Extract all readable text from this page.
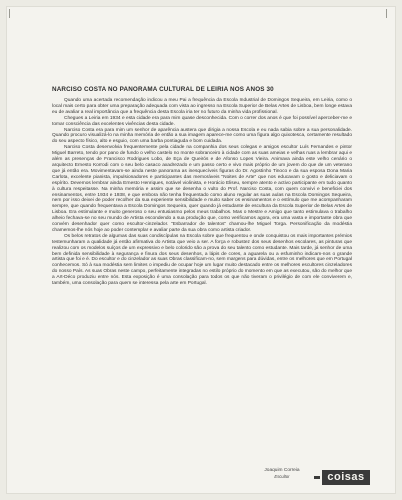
NARCISO COSTA NO PANORAMA CULTURAL DE LEIRIA NOS ANOS 30

Quando uma acertada recomendação indicou a meu Pai a frequência da Escola Industrial de Domingos Sequeira, em Leiria, como o local mais certo para obter uma preparação adequada com vista ao ingresso na Escola Superior de Belas Artes de Lisboa, bem longe estava eu de avaliar a real importância que a frequência desta Escola iria ter no futuro da minha vida profissional.

Chegues a Leiria em 1934 e esta cidade era para mim quase desconhecida. Com o correr dos anos é que foi possível aperceber-me e tomar consciência das excelentes vivências desta cidade.

Narciso Costa era para mim um senhor de aparência austera que dirigia a nossa Escola e eu nada sabia sobre a sua personalidade. Quando procuro visualizá-lo na minha memória de então a sua imagem aparece-me como uma figura algo quixotesca, certamente resultado do seu aspecto físico, alto e esguio, com uma barba pontiaguda e bom cuidada.

Narciso Costa desenvolvia frequentemente pela cidade na companhia dos seus colegas e amigos escultor Luís Fernandes e pintor Miguel Barreto, tendo por pano de fundo o velho castelo no monte sobranceiro à cidade com as suas ameias e velhas ruas a lembrar aqui e além as presenças de Francisco Rodrigues Lobo, de Eça de Queirós e de Afonso Lopes Vieira. Animava ainda este velho cenário o arquitecto Ernesto Korrodi com o seu belo casaco axadrezado e um passo certo e vivo mais próprio de um jovem do que de um veterano que já então era. Movimentavam-se ainda neste panorama as inesquecíveis figuras do Dr. Agostinho Tinoco e da sua esposa Dona Maria Carlota, excelente pianista, impulsionadores e participantes das memoráveis "Noites de Arte" que nos educavam o gosto e deliciavam o espírito. Devemos lembrar ainda Ernesto Henriques, notável violinista, e Horácio Eliseu, sempre atento e activo participante em tudo quanto à cultura respeitasse. Na minha memória e assim que se desenha o vulto do Prof. Narciso Costa, com quem convivi e beneficiei dos ensinamentos, entre 1934 e 1938, e que embora não tenha frequentado como aluno regular as suas aulas na Escola Domingos Sequeira, nem por isso deixei de poder recolher da sua experiente sensibilidade e muito saber os ensinamentos e o estímulo que me acompanharam sempre, que quando frequentava a Escola Domingos Sequeira, quer quando já estudante de escultura da Escola Superior de Belas Artes de Lisboa. Era estimulante e muito generoso o seu entusiasmo pelos meus trabalhos. Mas o Mestre e Amigo que tanto estimulava o trabalho alheio fechava-se no seu mundo de Artista escondendo a sua produção que, como verificamos agora, era uma vasta e importante obra que convém desenhador quer como escultor-cinzelador. "Esbarrador de talentos" chamou-lhe Miguel Torga. Personificação da modéstia chamemos-lhe nós hoje ao poder contemplar e avaliar parte da sua obra como artista criador.

Os belos retratos de algumas das suas condiscípulas na Escola sobre que frequentou e onde conquistou os mais importantes prémios testemunharam a qualidade já então afirmativa do Artista que veio a ser. A força e robustez dos seus desenhos escolares, as pinturas que realizou com os modelos suíços de um expressivo e belo colorido são a prova do seu talento como estudante. Mais tarde, já senhor de uma bem definida sensibilidade à segurança e finura dos seus desenhos, a lápis de cores, a aguarela ou a esfuminho indicam-nos o grande artista que foi e é. Do escultor e do cinzelador as suas Obras classificam-no, sem margens para dúvidas, entre os melhores que em Portugal conhecemos. Só à sua modéstia sem limites o impediu de ocupar hoje um lugar muito destacado entre os melhores escultores cinzeladores do nosso País. As suas Obras neste campo, perfeitamente integradas no estilo próprio do momento em que as executou, são do melhor que a Art-Déco produziu entre nós. Esta exposição é uma consolação para todos os que não tiveram o privilégio de com ele conviverem e, também, uma consolação para quem se interessa pela arte em Portugal.

Joaquim Correia
Escultor	coisas
